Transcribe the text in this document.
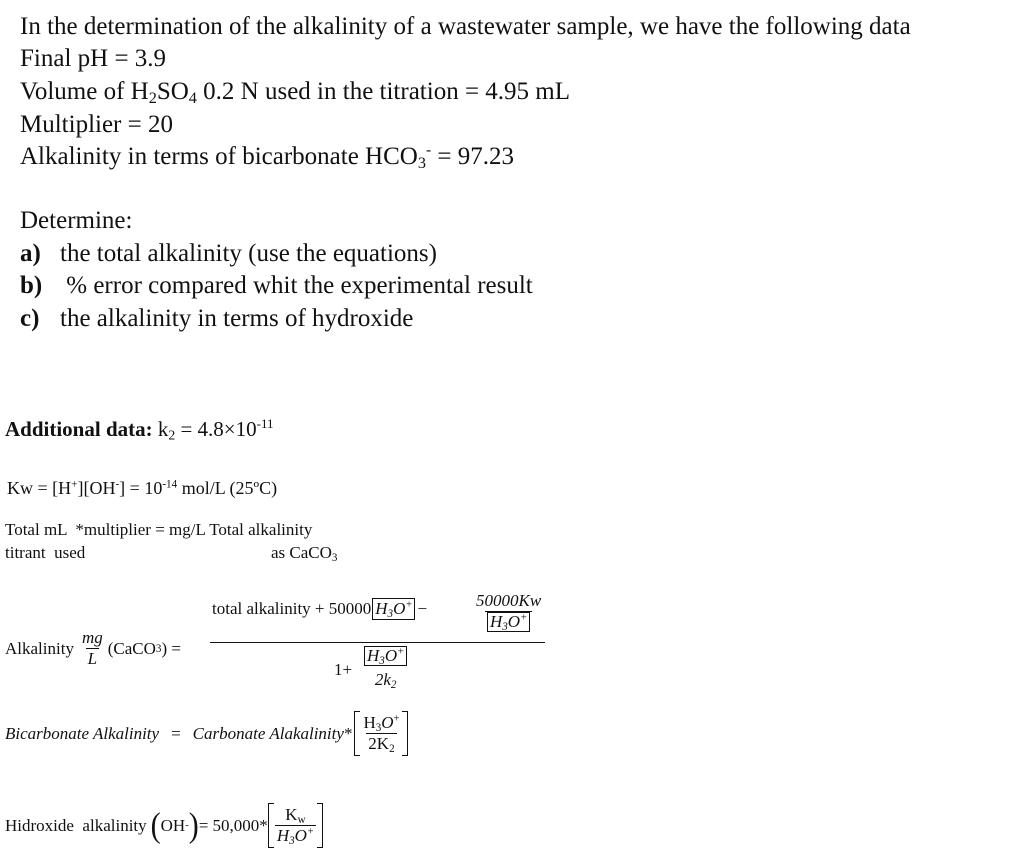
In the determination of the alkalinity of a wastewater sample, we have the following data
Final pH = 3.9
Volume of $H_2SO_4$ 0.2 N used in the titration = 4.95 mL
Multiplier = 20
Alkalinity in terms of bicarbonate $HCO_3^- = 97.23$
Determine:
a) the total alkalinity (use the equations)
b) % error compared whit the experimental result
c) the alkalinity in terms of hydroxide
Additional data: $k_2 = 4.8\times 10^{-11}$
$Kw = [H^+][OH^-] = 10^{-14}$ mol/L (25ºC)
Total mL  *multiplier = mg/L Total alkalinity
titrant  used	as CaCO$_3$
Alkalinity $\frac{mg}{L}$ (CaCO 3 ) =
total alkalinity + 50000 $H_3O^+$ −	$\frac{50000Kw}{H_3O^+}$
1+
$H_3O^+$
$2k_2$
Bicarbonate Alkalinity = Carbonate Alakalinity * $\frac{H_3O^+}{2K_2}$
Hidroxide  alkalinity ( OH - ) = $50,000* \frac{K_w}{H_3O^+}$
